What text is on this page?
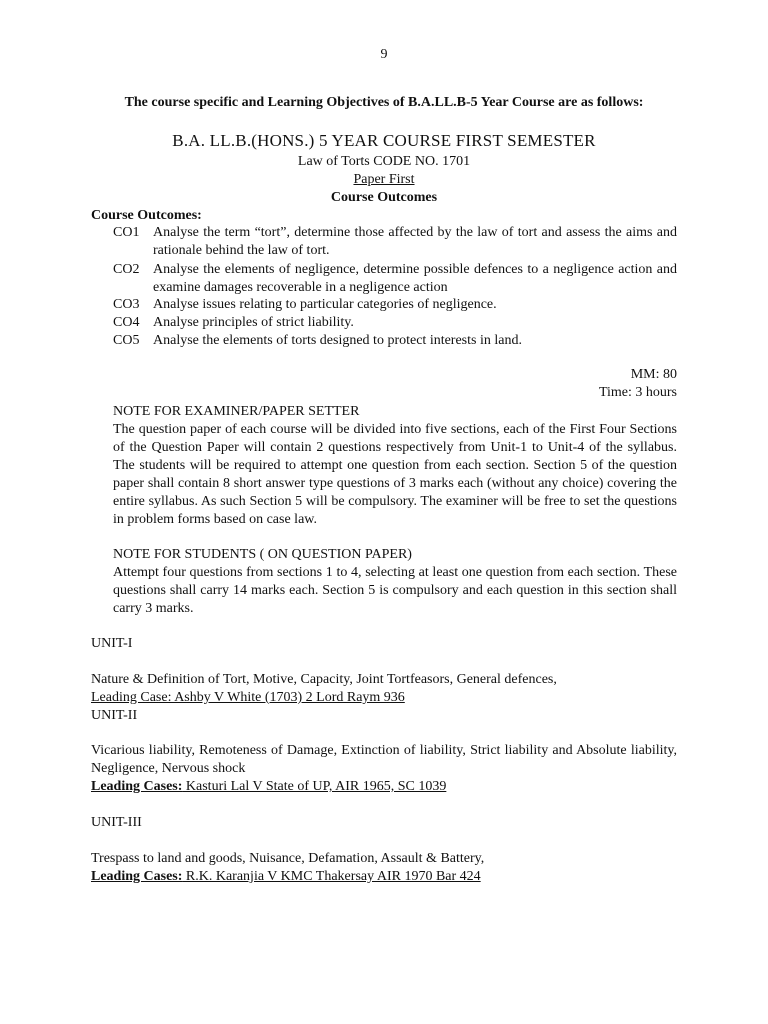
9
The course specific and Learning Objectives of B.A.LL.B-5 Year Course are as follows:
B.A. LL.B.(HONS.) 5 YEAR COURSE FIRST SEMESTER
Law of Torts CODE NO. 1701
Paper First
Course Outcomes
Course Outcomes:
CO1 Analyse the term “tort”, determine those affected by the law of tort and assess the aims and rationale behind the law of tort.
CO2 Analyse the elements of negligence, determine possible defences to a negligence action and examine damages recoverable in a negligence action
CO3 Analyse issues relating to particular categories of negligence.
CO4 Analyse principles of strict liability.
CO5 Analyse the elements of torts designed to protect interests in land.
MM: 80
Time: 3 hours
NOTE FOR EXAMINER/PAPER SETTER
The question paper of each course will be divided into five sections, each of the First Four Sections of the Question Paper will contain 2 questions respectively from Unit-1 to Unit-4 of the syllabus. The students will be required to attempt one question from each section. Section 5 of the question paper shall contain 8 short answer type questions of 3 marks each (without any choice) covering the entire syllabus. As such Section 5 will be compulsory. The examiner will be free to set the questions in problem forms based on case law.
NOTE FOR STUDENTS ( ON QUESTION PAPER)
Attempt four questions from sections 1 to 4, selecting at least one question from each section. These questions shall carry 14 marks each. Section 5 is compulsory and each question in this section shall carry 3 marks.
UNIT-I
Nature & Definition of Tort, Motive, Capacity, Joint Tortfeasors, General defences,
Leading Case: Ashby V White (1703) 2 Lord Raym 936
UNIT-II
Vicarious liability, Remoteness of Damage, Extinction of liability, Strict liability and Absolute liability, Negligence, Nervous shock
Leading Cases: Kasturi Lal V State of UP, AIR 1965, SC 1039
UNIT-III
Trespass to land and goods, Nuisance, Defamation, Assault & Battery,
Leading Cases: R.K. Karanjia V KMC Thakersay AIR 1970 Bar 424
